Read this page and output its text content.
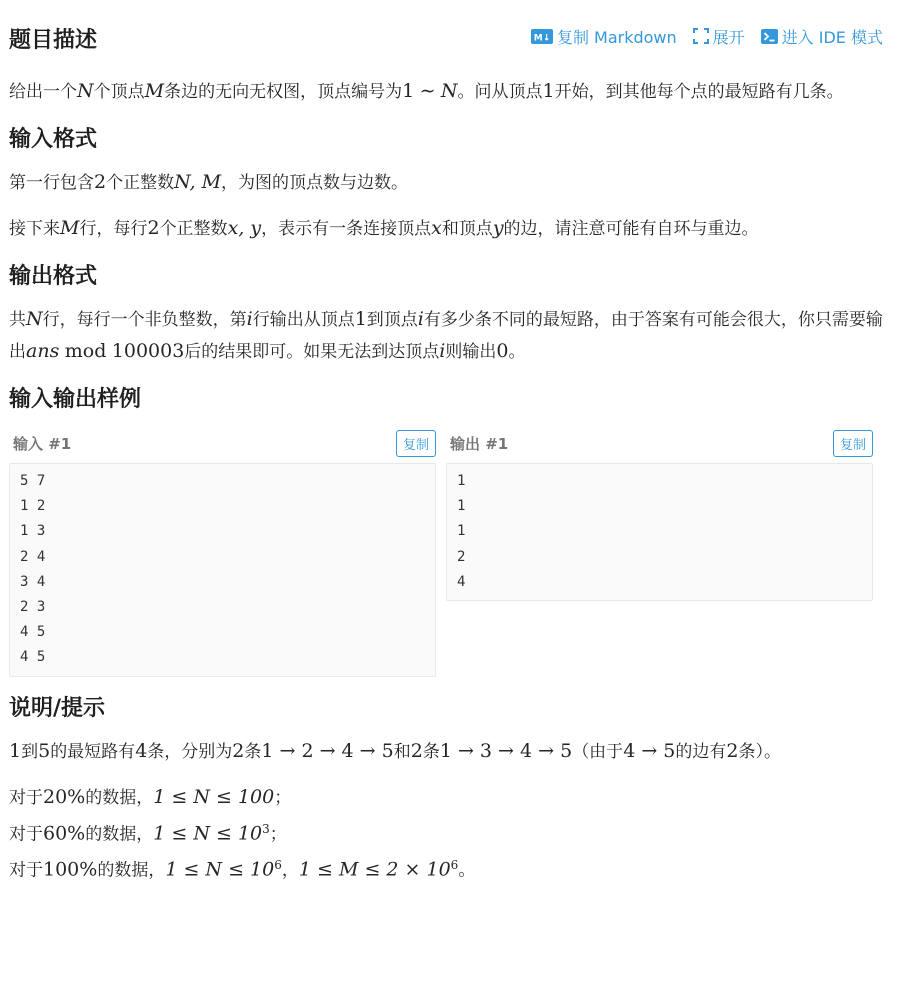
题目描述	M↓ 复制 Markdown 展开 进入 IDE 模式

给出一个N个顶点M条边的无向无权图，顶点编号为1 ∼ N。问从顶点1开始，到其他每个点的最短路有几条。

输入格式

第一行包含2个正整数N, M，为图的顶点数与边数。

接下来M行，每行2个正整数x, y，表示有一条连接顶点x和顶点y的边，请注意可能有自环与重边。

输出格式

共N行，每行一个非负整数，第i行输出从顶点1到顶点i有多少条不同的最短路，由于答案有可能会很大，你只需要输出ans mod 100003后的结果即可。如果无法到达顶点i则输出0。

输入输出样例
输入 #1	复制
5 7
1 2
1 3
2 4
3 4
2 3
4 5
4 5
输出 #1	复制
1
1
1
2
4
说明/提示

1到5的最短路有4条，分别为2条1 → 2 → 4 → 5和2条1 → 3 → 4 → 5（由于4 → 5的边有2条）。

对于20%的数据，1 ≤ N ≤ 100；

对于60%的数据，$1 \le N \le 10^3$；

对于100%的数据，$1 \le N \le 10^6$，$1 \le M \le 2 \times 10^6$。
